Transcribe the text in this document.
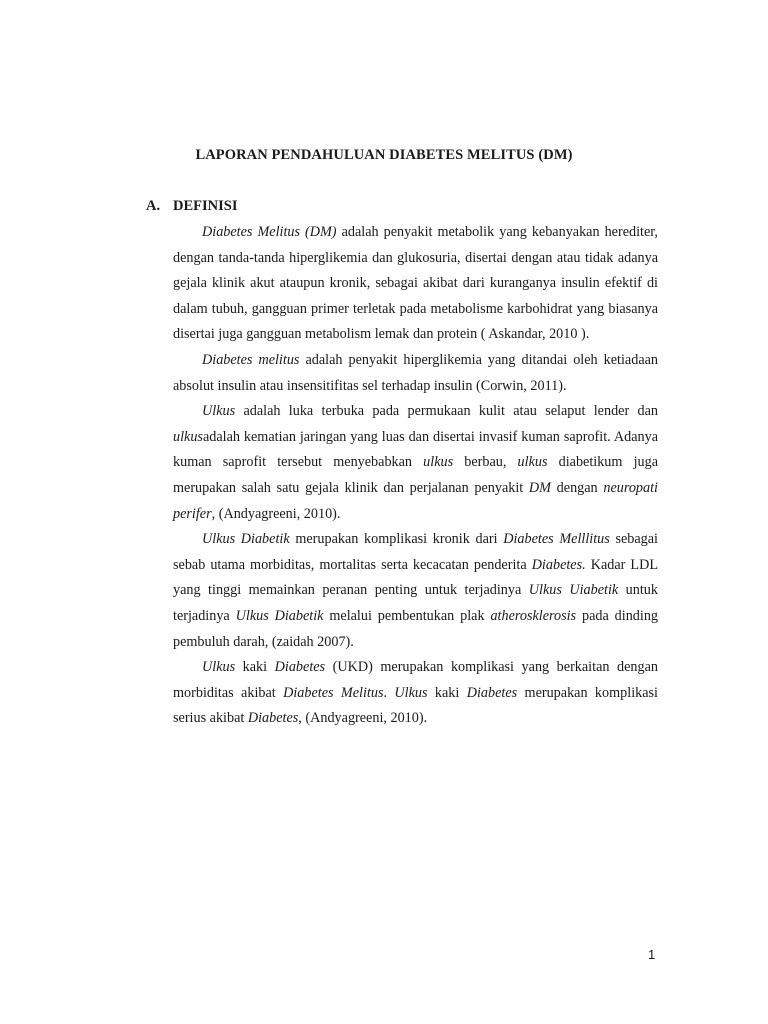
LAPORAN PENDAHULUAN DIABETES MELITUS (DM)
A. DEFINISI

Diabetes Melitus (DM) adalah penyakit metabolik yang kebanyakan herediter, dengan tanda-tanda hiperglikemia dan glukosuria, disertai dengan atau tidak adanya gejala klinik akut ataupun kronik, sebagai akibat dari kuranganya insulin efektif di dalam tubuh, gangguan primer terletak pada metabolisme karbohidrat yang biasanya disertai juga gangguan metabolism lemak dan protein ( Askandar, 2010 ).

Diabetes melitus adalah penyakit hiperglikemia yang ditandai oleh ketiadaan absolut insulin atau insensitifitas sel terhadap insulin (Corwin, 2011).

Ulkus adalah luka terbuka pada permukaan kulit atau selaput lender dan ulkusadalah kematian jaringan yang luas dan disertai invasif kuman saprofit. Adanya kuman saprofit tersebut menyebabkan ulkus berbau, ulkus diabetikum juga merupakan salah satu gejala klinik dan perjalanan penyakit DM dengan neuropati perifer, (Andyagreeni, 2010).

Ulkus Diabetik merupakan komplikasi kronik dari Diabetes Melllitus sebagai sebab utama morbiditas, mortalitas serta kecacatan penderita Diabetes. Kadar LDL yang tinggi memainkan peranan penting untuk terjadinya Ulkus Uiabetik untuk terjadinya Ulkus Diabetik melalui pembentukan plak atherosklerosis pada dinding pembuluh darah, (zaidah 2007).

Ulkus kaki Diabetes (UKD) merupakan komplikasi yang berkaitan dengan morbiditas akibat Diabetes Melitus. Ulkus kaki Diabetes merupakan komplikasi serius akibat Diabetes, (Andyagreeni, 2010).

1
